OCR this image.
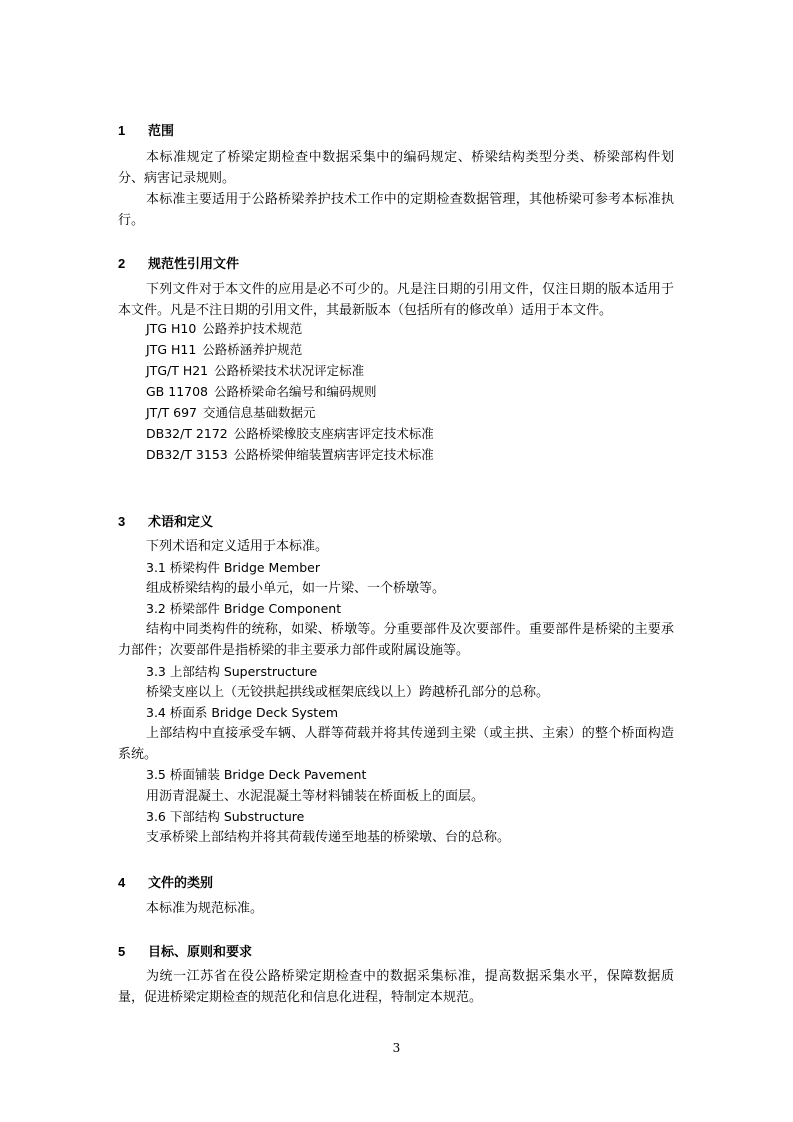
1 范围

本标准规定了桥梁定期检查中数据采集中的编码规定、桥梁结构类型分类、桥梁部构件划分、病害记录规则。

本标准主要适用于公路桥梁养护技术工作中的定期检查数据管理，其他桥梁可参考本标准执行。

2 规范性引用文件

下列文件对于本文件的应用是必不可少的。凡是注日期的引用文件，仅注日期的版本适用于本文件。凡是不注日期的引用文件，其最新版本（包括所有的修改单）适用于本文件。

JTG H10 公路养护技术规范
JTG H11 公路桥涵养护规范
JTG/T H21 公路桥梁技术状况评定标准
GB 11708 公路桥梁命名编号和编码规则
JT/T 697 交通信息基础数据元
DB32/T 2172 公路桥梁橡胶支座病害评定技术标准
DB32/T 3153 公路桥梁伸缩装置病害评定技术标准
3 术语和定义

下列术语和定义适用于本标准。

3.1 桥梁构件 Bridge Member

组成桥梁结构的最小单元，如一片梁、一个桥墩等。

3.2 桥梁部件 Bridge Component

结构中同类构件的统称，如梁、桥墩等。分重要部件及次要部件。重要部件是桥梁的主要承力部件；次要部件是指桥梁的非主要承力部件或附属设施等。

3.3 上部结构 Superstructure

桥梁支座以上（无铰拱起拱线或框架底线以上）跨越桥孔部分的总称。

3.4 桥面系 Bridge Deck System

上部结构中直接承受车辆、人群等荷载并将其传递到主梁（或主拱、主索）的整个桥面构造系统。

3.5 桥面铺装 Bridge Deck Pavement

用沥青混凝土、水泥混凝土等材料铺装在桥面板上的面层。

3.6 下部结构 Substructure

支承桥梁上部结构并将其荷载传递至地基的桥梁墩、台的总称。

4 文件的类别

本标准为规范标准。

5 目标、原则和要求

为统一江苏省在役公路桥梁定期检查中的数据采集标准，提高数据采集水平，保障数据质量，促进桥梁定期检查的规范化和信息化进程，特制定本规范。

3
